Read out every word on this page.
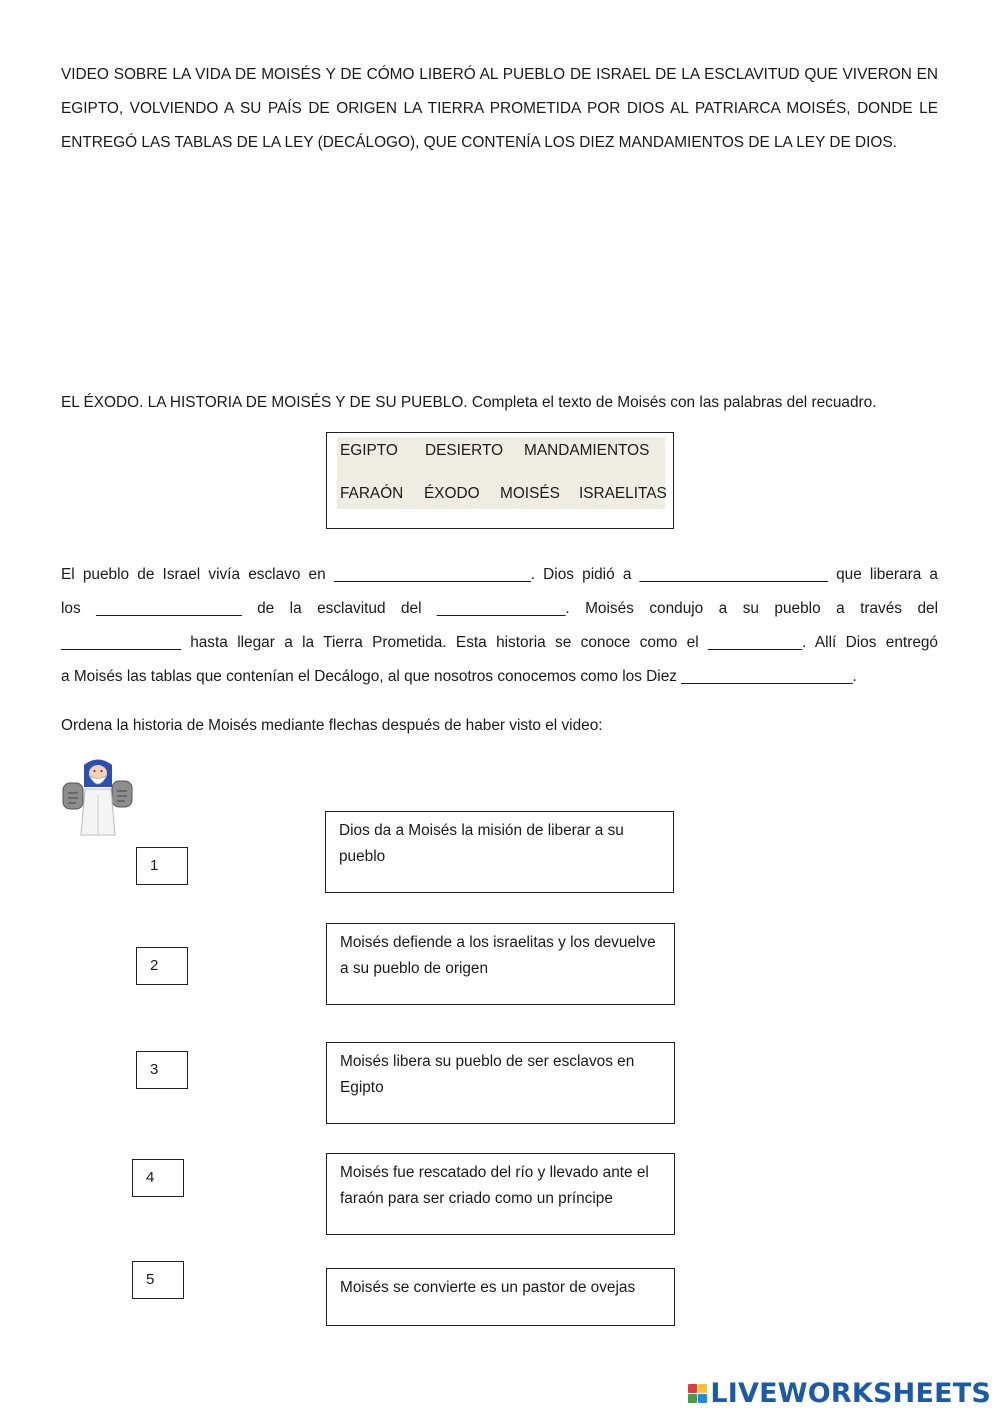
VIDEO SOBRE LA VIDA DE MOISÉS Y DE CÓMO LIBERÓ AL PUEBLO DE ISRAEL DE LA ESCLAVITUD QUE VIVERON EN EGIPTO, VOLVIENDO A SU PAÍS DE ORIGEN LA TIERRA PROMETIDA POR DIOS AL PATRIARCA MOISÉS, DONDE LE ENTREGÓ LAS TABLAS DE LA LEY (DECÁLOGO), QUE CONTENÍA LOS DIEZ MANDAMIENTOS DE LA LEY DE DIOS.
EL ÉXODO. LA HISTORIA DE MOISÉS Y DE SU PUEBLO. Completa el texto de Moisés con las palabras del recuadro.
EGIPTO DESIERTO MANDAMIENTOS
FARAÓN ÉXODO MOISÉS ISRAELITAS
El pueblo de Israel vivía esclavo en _______________________. Dios pidió a ______________________ que liberara a
los _________________ de la esclavitud del _______________. Moisés condujo a su pueblo a través del
______________ hasta llegar a la Tierra Prometida. Esta historia se conoce como el ___________. Allí Dios entregó
a Moisés las tablas que contenían el Decálogo, al que nosotros conocemos como los Diez ____________________.
Ordena la historia de Moisés mediante flechas después de haber visto el video:
1
2
3
4
5
Dios da a Moisés la misión de liberar a su pueblo
Moisés defiende a los israelitas y los devuelve a su pueblo de origen
Moisés libera su pueblo de ser esclavos en Egipto
Moisés fue rescatado del río y llevado ante el faraón para ser criado como un príncipe
Moisés se convierte es un pastor de ovejas
LIVEWORKSHEETS
